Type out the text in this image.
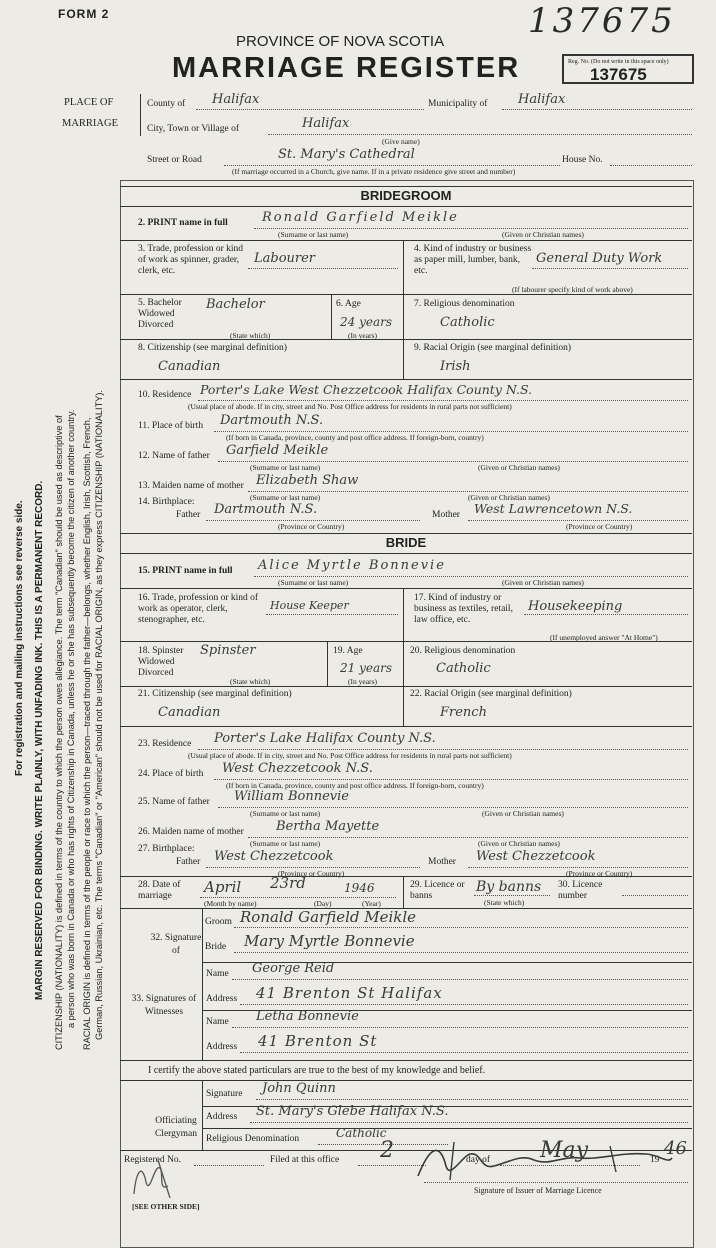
FORM 2	137675
PROVINCE OF NOVA SCOTIA
MARRIAGE REGISTER	Reg. No. (Do not write in this space only)
137675
PLACE OF
MARRIAGE
County of Halifax	Municipality of Halifax
City, Town or Village of	Halifax
(Give name)
Street or Road	St. Mary's Cathedral	House No.
(If marriage occurred in a Church, give name. If in a private residence give street and number)
BRIDEGROOM
2. PRINT name in full	Ronald Garfield Meikle
(Surname or last name)	(Given or Christian names)
3. Trade, profession or kind of work as spinner, grader, clerk, etc.
Labourer
4. Kind of industry or business as paper mill, lumber, bank, etc.
General Duty Work
(If labourer specify kind of work above)
5. Bachelor Widowed Divorced
Bachelor
(State which)
6. Age
24 years
(In years)
7. Religious denomination
Catholic
8. Citizenship (see marginal definition)
Canadian
9. Racial Origin (see marginal definition)
Irish
10. Residence Porter's Lake West Chezzetcook Halifax County N.S.
(Usual place of abode. If in city, street and No. Post Office address for residents in rural parts not sufficient)
11. Place of birth Dartmouth N.S.
(If born in Canada, province, county and post office address. If foreign-born, country)
12. Name of father Garfield Meikle
(Surname or last name)	(Given or Christian names)
13. Maiden name of mother Elizabeth Shaw
(Surname or last name)	(Given or Christian names)
14. Birthplace:
Father Dartmouth N.S.	Mother West Lawrencetown N.S.
(Province or Country)	(Province or Country)
BRIDE
15. PRINT name in full Alice Myrtle Bonnevie
(Surname or last name)	(Given or Christian names)
16. Trade, profession or kind of work as operator, clerk, stenographer, etc.
House Keeper
17. Kind of industry or business as textiles, retail, law office, etc.
Housekeeping
(If unemployed answer "At Home")
18. Spinster Widowed Divorced
Spinster
(State which)
19. Age
21 years
(In years)
20. Religious denomination
Catholic
21. Citizenship (see marginal definition)
Canadian
22. Racial Origin (see marginal definition)
French
23. Residence Porter's Lake Halifax County N.S.
(Usual place of abode. If in city, street and No. Post Office address for residents in rural parts not sufficient)
24. Place of birth West Chezzetcook N.S.
(If born in Canada, province, county and post office address. If foreign-born, country)
25. Name of father William Bonnevie
(Surname or last name)	(Given or Christian names)
26. Maiden name of mother Bertha Mayette
(Surname or last name)	(Given or Christian names)
27. Birthplace:
Father West Chezzetcook	Mother West Chezzetcook
(Province or Country)	(Province or Country)
28. Date of marriage	April 23rd	1946
(Month by name)	(Day)	(Year)
29. Licence or banns
By banns
(State which)
30. Licence number
32. Signature of
Groom Ronald Garfield Meikle
Bride Mary Myrtle Bonnevie
33. Signatures of Witnesses
Name George Reid
Address 41 Brenton St Halifax
Name Letha Bonnevie
Address 41 Brenton St
I certify the above stated particulars are true to the best of my knowledge and belief.
Officiating Clergyman
Signature John Quinn
Address St. Mary's Glebe Halifax N.S.
Religious Denomination	Catholic
Registered No.	Filed at this office 2	day of May	19
46
Signature of Issuer of Marriage Licence
[SEE OTHER SIDE]
For registration and mailing instructions see reverse side. MARGIN RESERVED FOR BINDING. WRITE PLAINLY, WITH UNFADING INK. THIS IS A PERMANENT RECORD. CITIZENSHIP (NATIONALITY) is defined in terms of the country to which the person owes allegiance. The term "Canadian" should be used as descriptive of a person who was born in Canada or who has rights of Citizenship in Canada, unless he or she has subsequently become the citizen of another country. RACIAL ORIGIN is defined in terms of the people or race to which the person—traced through the father—belongs, whether English, Irish, Scottish, French, German, Russian, Ukrainian, etc. The terms "Canadian" or "American" should not be used for RACIAL ORIGIN, as they express CITIZENSHIP (NATIONALITY).
